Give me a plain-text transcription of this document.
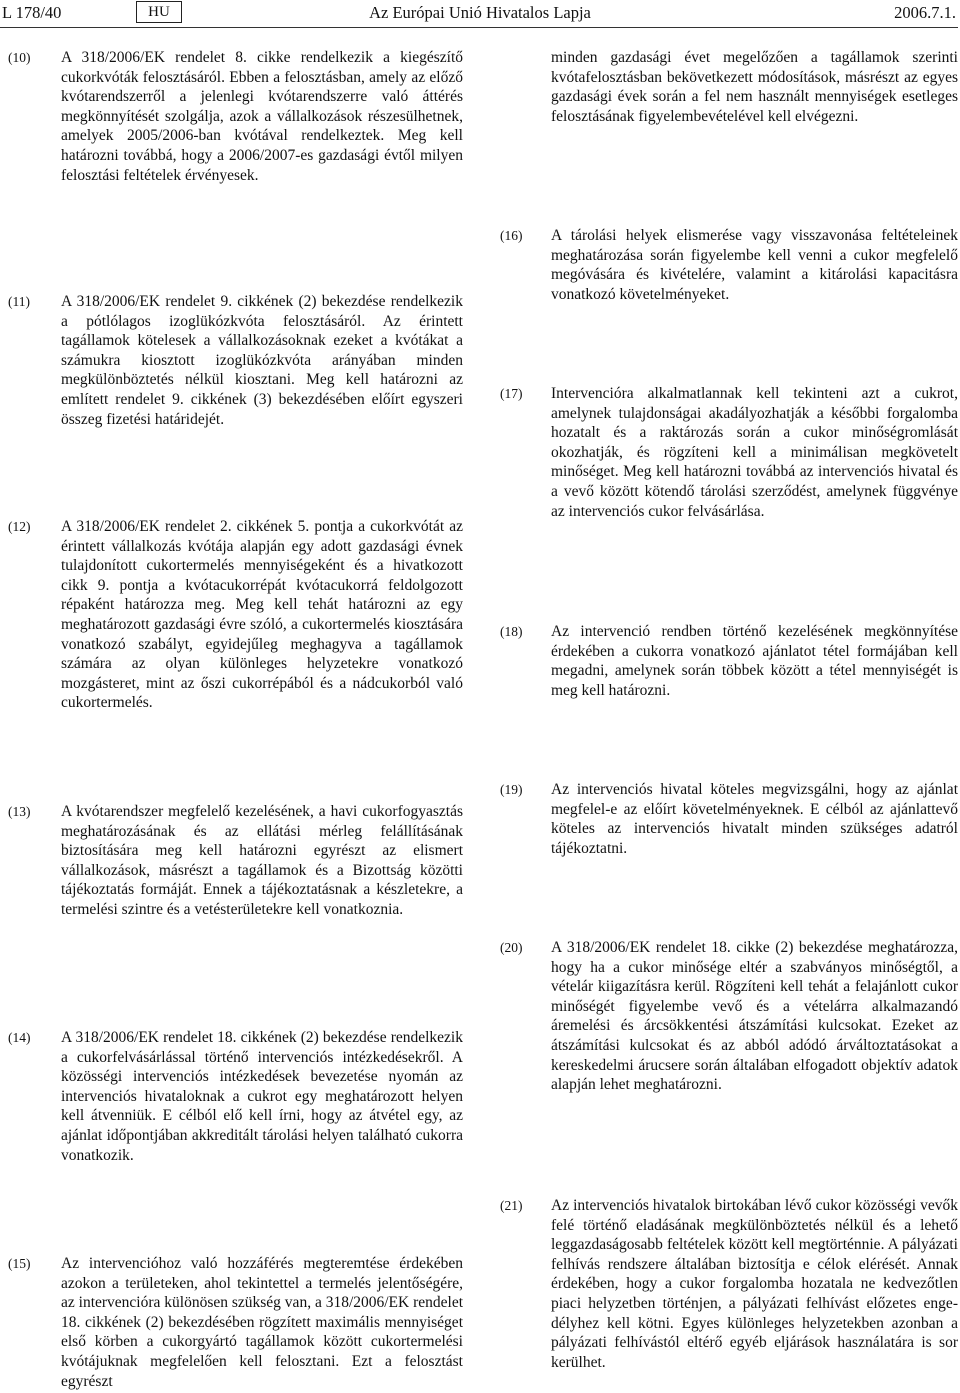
L 178/40	HU	Az Európai Unió Hivatalos Lapja	2006.7.1.
(10) A 318/2006/EK rendelet 8. cikke rendelkezik a kiegészítő cukorkvóták felosztásáról. Ebben a felosztásban, amely az előző kvótarendszerről a jelenlegi kvótarendszerre való áttérés megkönnyítését szolgálja, azok a vállalkozások részesülhetnek, amelyek 2005/2006-ban kvótával rendelkeztek. Meg kell határozni továbbá, hogy a 2006/2007-es gazdasági évtől milyen felosztási feltételek érvényesek.
(11) A 318/2006/EK rendelet 9. cikkének (2) bekezdése rendelkezik a pótlólagos izoglükózkvóta felosztásáról. Az érintett tagállamok kötelesek a vállalkozásoknak ezeket a kvótákat a számukra kiosztott izoglükózkvóta arányában minden megkülönböztetés nélkül kiosztani. Meg kell határozni az említett rendelet 9. cikkének (3) bekezdésében előírt egyszeri összeg fizetési határidejét.
(12) A 318/2006/EK rendelet 2. cikkének 5. pontja a cukorkvótát az érintett vállalkozás kvótája alapján egy adott gazdasági évnek tulajdonított cukortermelés mennyiségeként és a hivatkozott cikk 9. pontja a kvótacukorrépát kvótacukorrá feldolgozott répaként határozza meg. Meg kell tehát határozni az egy meghatározott gazdasági évre szóló, a cukortermelés kiosztására vonatkozó szabályt, egyidejűleg meghagyva a tagállamok számára az olyan különleges helyzetekre vonatkozó mozgásteret, mint az őszi cukorrépából és a nádcukorból való cukortermelés.
(13) A kvótarendszer megfelelő kezelésének, a havi cukorfogyasztás meghatározásának és az ellátási mérleg felállításának biztosítására meg kell határozni egyrészt az elismert vállalkozások, másrészt a tagállamok és a Bizottság közötti tájékoztatás formáját. Ennek a tájékoztatásnak a készletekre, a termelési szintre és a vetésterületekre kell vonatkoznia.
(14) A 318/2006/EK rendelet 18. cikkének (2) bekezdése rendelkezik a cukorfelvásárlással történő intervenciós intézkedésekről. A közösségi intervenciós intézkedések bevezetése nyomán az intervenciós hivataloknak a cukrot egy meghatározott helyen kell átvenniük. E célból elő kell írni, hogy az átvétel egy, az ajánlat időpontjában akkreditált tárolási helyen található cukorra vonatkozik.
(15) Az intervencióhoz való hozzáférés megteremtése érdekében azokon a területeken, ahol tekintettel a termelés jelentőségére, az intervencióra különösen szükség van, a 318/2006/EK rendelet 18. cikkének (2) bekezdésében rögzített maximális mennyiséget első körben a cukorgyártó tagállamok között cukortermelési kvótájuknak megfelelően kell felosztani. Ezt a felosztást egyrészt
minden gazdasági évet megelőzően a tagállamok szerinti kvótafelosztásban bekövetkezett módosítások, másrészt az egyes gazdasági évek során a fel nem használt mennyiségek esetleges felosztásának figyelembevételével kell elvégezni.
(16) A tárolási helyek elismerése vagy visszavonása feltételeinek meghatározása során figyelembe kell venni a cukor megfelelő megóvására és kivételére, valamint a kitárolási kapacitásra vonatkozó követelményeket.
(17) Intervencióra alkalmatlannak kell tekinteni azt a cukrot, amelynek tulajdonságai akadályozhatják a későbbi forgalomba hozatalt és a raktározás során a cukor minőségromlását okozhatják, és rögzíteni kell a minimálisan megkövetelt minőséget. Meg kell határozni továbbá az intervenciós hivatal és a vevő között kötendő tárolási szerződést, amelynek függvénye az intervenciós cukor felvásárlása.
(18) Az intervenció rendben történő kezelésének megkönnyítése érdekében a cukorra vonatkozó ajánlatot tétel formájában kell megadni, amelynek során többek között a tétel mennyiségét is meg kell határozni.
(19) Az intervenciós hivatal köteles megvizsgálni, hogy az ajánlat megfelel-e az előírt követelményeknek. E célból az ajánlattevő köteles az intervenciós hivatalt minden szükséges adatról tájékoztatni.
(20) A 318/2006/EK rendelet 18. cikke (2) bekezdése meghatározza, hogy ha a cukor minősége eltér a szabványos minőségtől, a vételár kiigazításra kerül. Rögzíteni kell tehát a felajánlott cukor minőségét figyelembe vevő és a vételárra alkalmazandó áremelési és árcsökkentési átszámítási kulcsokat. Ezeket az átszámítási kulcsokat és az abból adódó árváltoztatásokat a kereskedelmi árucsere során általában elfogadott objektív adatok alapján lehet meghatározni.
(21) Az intervenciós hivatalok birtokában lévő cukor közösségi vevők felé történő eladásának megkülönböztetés nélkül és a lehető leggazdaságosabb feltételek között kell megtörténnie. A pályázati felhívás rendszere általában biztosítja e célok elérését. Annak érdekében, hogy a cukor forgalomba hozatala ne kedvezőtlen piaci helyzetben történjen, a pályázati felhívást előzetes engedélyhez kell kötni. Egyes különleges helyzetekben azonban a pályázati felhívástól eltérő egyéb eljárások használatára is sor kerülhet.
